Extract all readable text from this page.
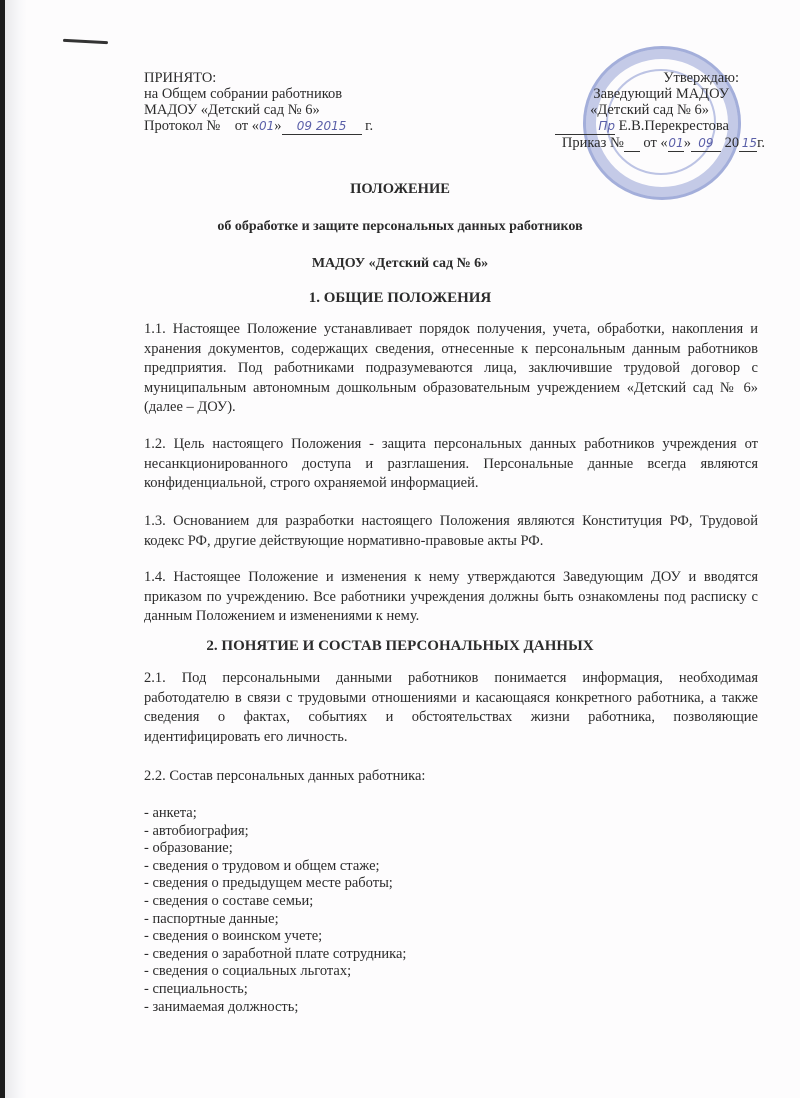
ПРИНЯТО:
на Общем собрании работников
МАДОУ «Детский сад № 6»
Протокол №    от «01» 09 2015 г.
Утверждаю:
Заведующий МАДОУ
«Детский сад № 6»
Пр Е.В.Перекрестова
Приказ № от «01» 09 20 15г.
ПОЛОЖЕНИЕ
об обработке и защите персональных данных работников
МАДОУ «Детский сад № 6»
1. ОБЩИЕ ПОЛОЖЕНИЯ
1.1. Настоящее Положение устанавливает порядок получения, учета, обработки, накопления и хранения документов, содержащих сведения, отнесенные к персональным данным работников предприятия. Под работниками подразумеваются лица, заключившие трудовой договор с муниципальным автономным дошкольным образовательным учреждением «Детский сад № 6» (далее – ДОУ).
1.2. Цель настоящего Положения - защита персональных данных работников учреждения от несанкционированного доступа и разглашения. Персональные данные всегда являются конфиденциальной, строго охраняемой информацией.
1.3. Основанием для разработки настоящего Положения являются Конституция РФ, Трудовой кодекс РФ, другие действующие нормативно-правовые акты РФ.
1.4. Настоящее Положение и изменения к нему утверждаются Заведующим ДОУ и вводятся приказом по учреждению. Все работники учреждения должны быть ознакомлены под расписку с данным Положением и изменениями к нему.
2. ПОНЯТИЕ И СОСТАВ ПЕРСОНАЛЬНЫХ ДАННЫХ
2.1. Под персональными данными работников понимается информация, необходимая работодателю в связи с трудовыми отношениями и касающаяся конкретного работника, а также сведения о фактах, событиях и обстоятельствах жизни работника, позволяющие идентифицировать его личность.
2.2. Состав персональных данных работника:
- анкета;
- автобиография;
- образование;
- сведения о трудовом и общем стаже;
- сведения о предыдущем месте работы;
- сведения о составе семьи;
- паспортные данные;
- сведения о воинском учете;
- сведения о заработной плате сотрудника;
- сведения о социальных льготах;
- специальность;
- занимаемая должность;
